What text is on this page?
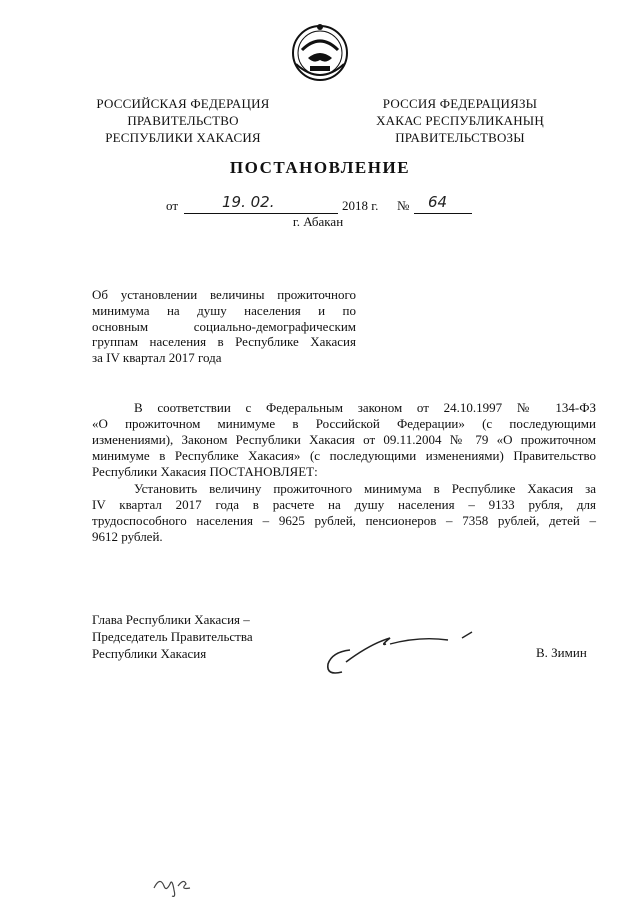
РОССИЙСКАЯ ФЕДЕРАЦИЯ
ПРАВИТЕЛЬСТВО
РЕСПУБЛИКИ ХАКАСИЯ
РОССИЯ ФЕДЕРАЦИЯЗЫ
ХАКАС РЕСПУБЛИКАНЫҢ
ПРАВИТЕЛЬСТВОЗЫ
ПОСТАНОВЛЕНИЕ
от	19. 02.	2018 г. № 64
г. Абакан
Об установлении величины прожиточного
минимума на душу населения и по
основным социально-демографическим
группам населения в Республике Хакасия
за IV квартал 2017 года
В соответствии с Федеральным законом от 24.10.1997 № 134-ФЗ
«О прожиточном минимуме в Российской Федерации» (с последующими
изменениями), Законом Республики Хакасия от 09.11.2004 № 79 «О прожиточном
минимуме в Республике Хакасия» (с последующими изменениями) Правительство
Республики Хакасия ПОСТАНОВЛЯЕТ:
Установить величину прожиточного минимума в Республике Хакасия за
IV квартал 2017 года в расчете на душу населения – 9133 рубля, для
трудоспособного населения – 9625 рублей, пенсионеров – 7358 рублей, детей –
9612 рублей.
Глава Республики Хакасия –
Председатель Правительства
Республики Хакасия	В. Зимин
